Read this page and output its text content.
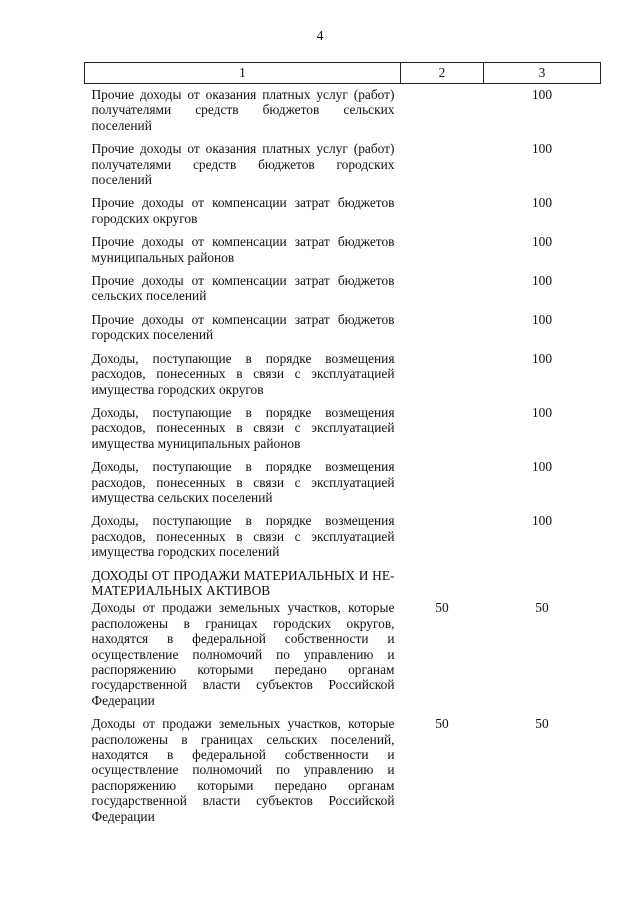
4
1	2	3
Прочие доходы от оказания платных услуг (работ) получателями средств бюджетов сельских поселений		100
Прочие доходы от оказания платных услуг (работ) получателями средств бюджетов городских поселений		100
Прочие доходы от компенсации затрат бюджетов городских округов		100
Прочие доходы от компенсации затрат бюджетов муниципальных районов		100
Прочие доходы от компенсации затрат бюджетов сельских поселений		100
Прочие доходы от компенсации затрат бюджетов городских поселений		100
Доходы, поступающие в порядке возмещения расходов, понесенных в связи с эксплуатацией имущества городских округов		100
Доходы, поступающие в порядке возмещения расходов, понесенных в связи с эксплуатацией имущества муниципальных районов		100
Доходы, поступающие в порядке возмещения расходов, понесенных в связи с эксплуатацией имущества сельских поселений		100
Доходы, поступающие в порядке возмещения расходов, понесенных в связи с эксплуатацией имущества городских поселений		100
ДОХОДЫ ОТ ПРОДАЖИ МАТЕРИАЛЬНЫХ И НЕМАТЕРИАЛЬНЫХ АКТИВОВ		
Доходы от продажи земельных участков, которые расположены в границах городских округов, находятся в федеральной собственности и осуществление полномочий по управлению и распоряжению которыми передано органам государственной власти субъектов Российской Федерации	50	50
Доходы от продажи земельных участков, которые расположены в границах сельских поселений, находятся в федеральной собственности и осуществление полномочий по управлению и распоряжению которыми передано органам государственной власти субъектов Российской Федерации	50	50
